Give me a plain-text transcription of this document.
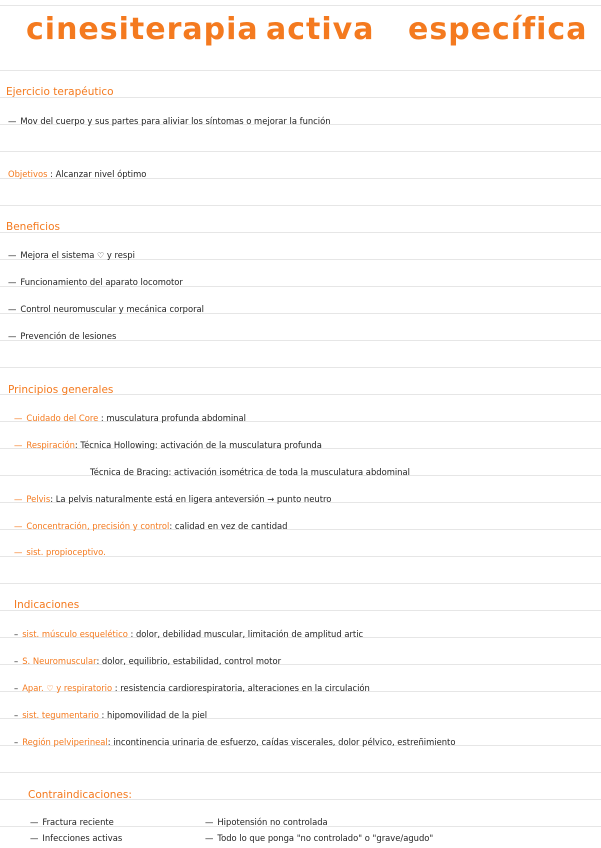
cinesiterapia activa específica
Ejercicio terapéutico
— Mov del cuerpo y sus partes para aliviar los síntomas o mejorar la función
Objetivos : Alcanzar nivel óptimo
Beneficios
— Mejora el sistema ♡ y respi
— Funcionamiento del aparato locomotor
— Control neuromuscular y mecánica corporal
— Prevención de lesiones
Principios generales
— Cuidado del Core : musculatura profunda abdominal
— Respiración: Técnica Hollowing: activación de la musculatura profunda
Técnica de Bracing: activación isométrica de toda la musculatura abdominal
— Pelvis: La pelvis naturalmente está en ligera anteversión → punto neutro
— Concentración, precisión y control: calidad en vez de cantidad
— sist. propioceptivo.
Indicaciones
– sist. músculo esquelético : dolor, debilidad muscular, limitación de amplitud artic
– S. Neuromuscular: dolor, equilibrio, estabilidad, control motor
– Apar. ♡ y respiratorio : resistencia cardiorespiratoria, alteraciones en la circulación
– sist. tegumentario : hipomovilidad de la piel
– Región pelviperineal: incontinencia urinaria de esfuerzo, caídas viscerales, dolor pélvico, estreñimiento
Contraindicaciones:
— Fractura reciente
— Infecciones activas
— Hipotensión no controlada
— Todo lo que ponga "no controlado" o "grave/agudo"
